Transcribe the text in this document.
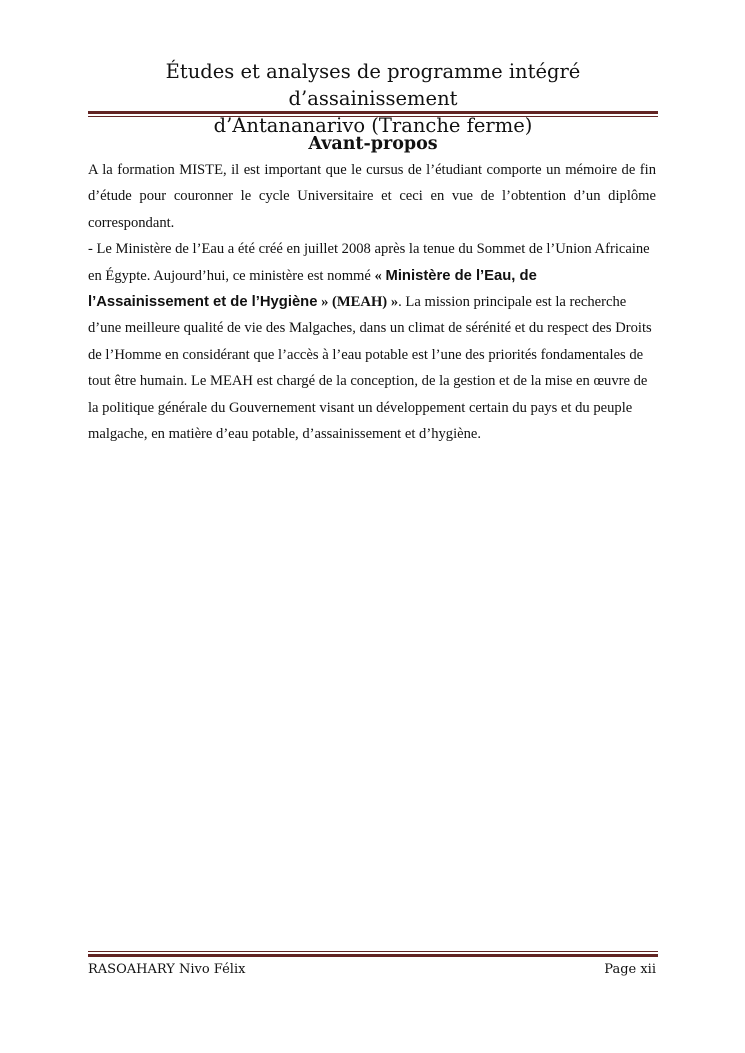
Études et analyses de programme intégré d’assainissement
d’Antananarivo (Tranche ferme)
Avant-propos

A la formation MISTE, il est important que le cursus de l’étudiant comporte un mémoire de fin d’étude pour couronner le cycle Universitaire et ceci en vue de l’obtention d’un diplôme correspondant.

- Le Ministère de l’Eau a été créé en juillet 2008 après la tenue du Sommet de l’Union Africaine en Égypte. Aujourd’hui, ce ministère est nommé « Ministère de l’Eau, de l’Assainissement et de l’Hygiène » (MEAH) ». La mission principale est la recherche d’une meilleure qualité de vie des Malgaches, dans un climat de sérénité et du respect des Droits de l’Homme en considérant que l’accès à l’eau potable est l’une des priorités fondamentales de tout être humain. Le MEAH est chargé de la conception, de la gestion et de la mise en œuvre de la politique générale du Gouvernement visant un développement certain du pays et du peuple malgache, en matière d’eau potable, d’assainissement et d’hygiène.

RASOAHARY Nivo Félix	Page xii
